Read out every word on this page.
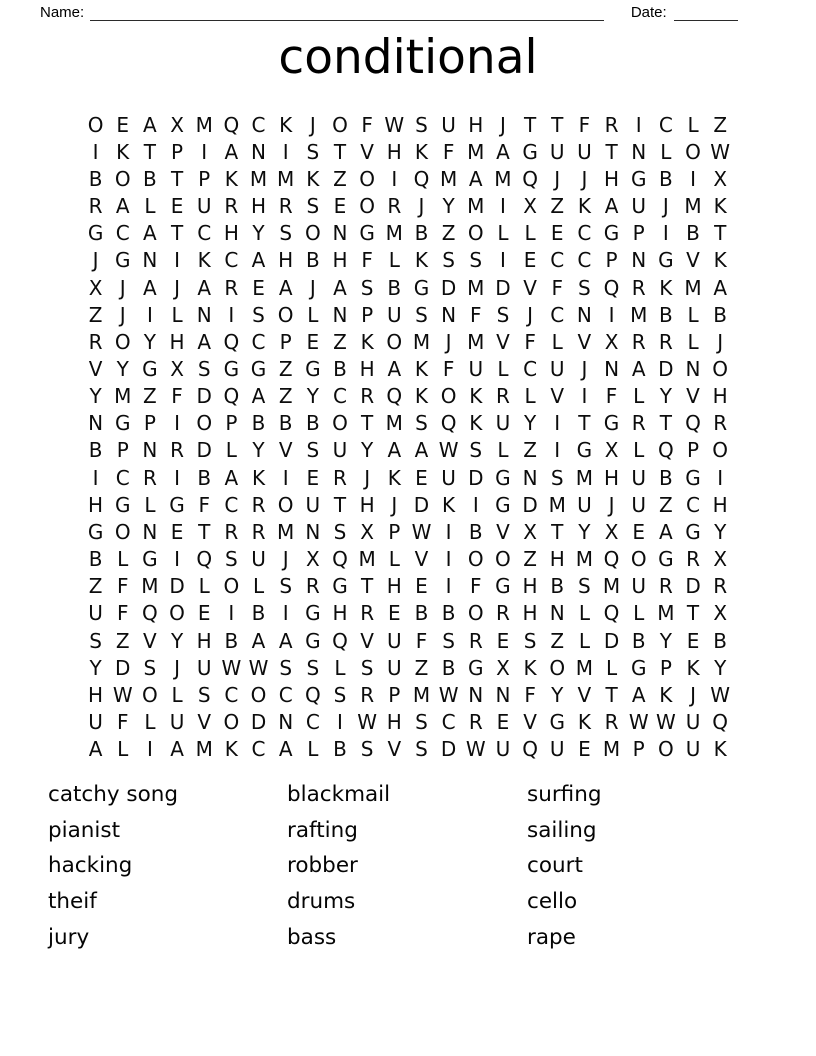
Name:	Date:
conditional
O E A X M Q C K J O F W S U H J T T F R I C L Z
I K T P I A N I S T V H K F M A G U U T N L O W
B O B T P K M M K Z O I Q M A M Q J	J H G B I X
R A L E U R H R S E O R J Y M I X Z K A U J M K
G C A T C H Y S O N G M B Z O L L E C G P I B T
J G N I K C A H B H F L K S S I E C C P N G V K
X J A J A R E A J A S B G D M D V F S Q R K M A
Z J	I L N I S O L N P U S N F S J C N I M B L B
R O Y H A Q C P E Z K O M J M V F L V X R R L J
V Y G X S G G Z G B H A K F U L C U J N A D N O
Y M Z F D Q A Z Y C R Q K O K R L V I F L Y V H
N G P I O P B B B O T M S Q K U Y I T G R T Q R
B P N R D L Y V S U Y A A W S L Z I G X L Q P O
I C R I B A K I E R J K E U D G N S M H U B G I
H G L G F C R O U T H J D K I G D M U J U Z C H
G O N E T R R M N S X P W I B V X T Y X E A G Y
B L G I Q S U J X Q M L V I O O Z H M Q O G R X
Z F M D L O L S R G T H E I F G H B S M U R D R
U F Q O E I B I G H R E B B O R H N L Q L M T X
S Z V Y H B A A G Q V U F S R E S Z L D B Y E B
Y D S J U W W S S L S U Z B G X K O M L G P K Y
H W O L S C O C Q S R P M W N N F Y V T A K J W
U F L U V O D N C I W H S C R E V G K R W W U Q
A L I A M K C A L B S V S D W U Q U E M P O U K
catchy song
pianist
hacking
theif
jury
blackmail
rafting
robber
drums
bass
surfing
sailing
court
cello
rape
